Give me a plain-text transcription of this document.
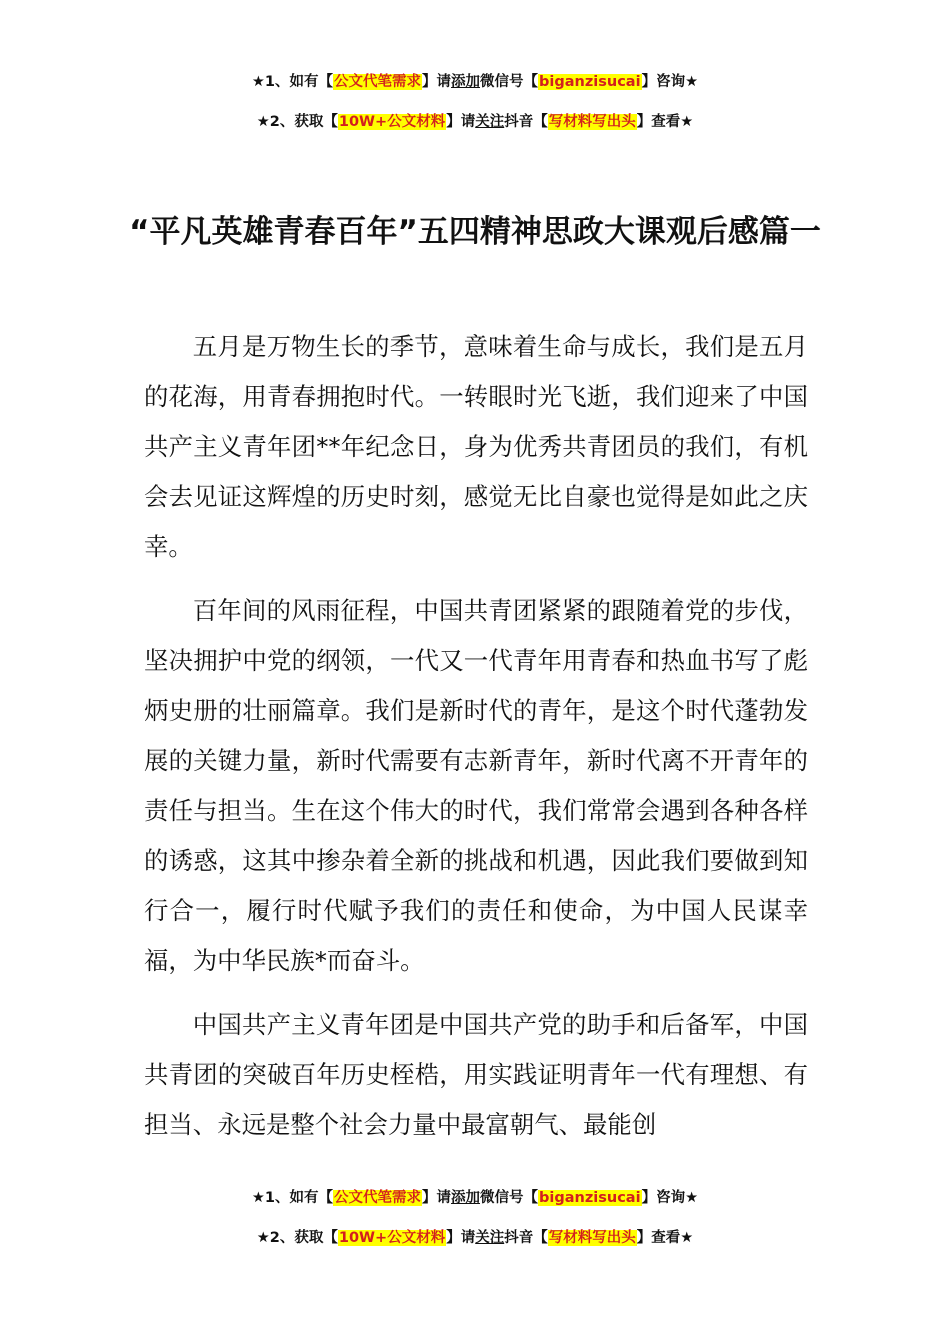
★1、如有【公文代笔需求】请添加微信号【biganzisucai】咨询★
★2、获取【10W+公文材料】请关注抖音【写材料写出头】查看★
“平凡英雄青春百年”五四精神思政大课观后感篇一

五月是万物生长的季节，意味着生命与成长，我们是五月的花海，用青春拥抱时代。一转眼时光飞逝，我们迎来了中国共产主义青年团**年纪念日，身为优秀共青团员的我们，有机会去见证这辉煌的历史时刻，感觉无比自豪也觉得是如此之庆幸。

百年间的风雨征程，中国共青团紧紧的跟随着党的步伐，坚决拥护中党的纲领，一代又一代青年用青春和热血书写了彪炳史册的壮丽篇章。我们是新时代的青年，是这个时代蓬勃发展的关键力量，新时代需要有志新青年，新时代离不开青年的责任与担当。生在这个伟大的时代，我们常常会遇到各种各样的诱惑，这其中掺杂着全新的挑战和机遇，因此我们要做到知行合一，履行时代赋予我们的责任和使命，为中国人民谋幸福，为中华民族*而奋斗。

中国共产主义青年团是中国共产党的助手和后备军，中国共青团的突破百年历史桎梏，用实践证明青年一代有理想、有担当、永远是整个社会力量中最富朝气、最能创

★1、如有【公文代笔需求】请添加微信号【biganzisucai】咨询★
★2、获取【10W+公文材料】请关注抖音【写材料写出头】查看★
